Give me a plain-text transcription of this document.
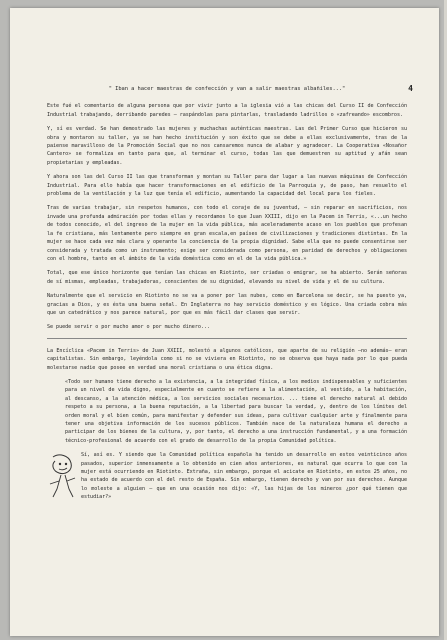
4

" Iban a hacer maestras de confección y van a salir maestras albañiles..."

Este fué el comentario de alguna persona que por vivir junto a la iglesia vió a las chicas del Curso II de Confección Industrial trabajando, derribando paredes — raspándolas para pintarlas, trasladando ladrillos o «zafreando» escombros.

Y, sí es verdad. Se han demostrado las mujeres y muchachas auténticas maestras. Las del Primer Curso que hicieron su obra y montaron su taller, ya se han hecho institución y son éxito que se debe a ellas exclusivamente, tras de la paiense maravilloso de la Promoción Social que no nos cansaremos nunca de alabar y agradecer. La Cooperativa «Nosañor Cantero» se formaliza en tanto para que, al terminar el curso, todas las que demuestren su aptitud y afán sean propietarias y empleadas.

Y ahora son las del Curso II las que transforman y montan su Taller para dar lugar a las nuevas máquinas de Confección Industrial. Para ello había que hacer transformaciones en el edificio de la Parroquia y, de paso, han resuelto el problema de la ventilación y la luz que tenía el edificio, aumentando la capacidad del local para los fieles.

Tras de varias trabajar, sin respetos humanos, con todo el coraje de su juventud, — sin reparar en sacrificios, nos invade una profunda admiración por todas ellas y recordamos lo que Juan XXIII, dijo en la Pacem in Terris, «...un hecho de todos conocido, el del ingreso de la mujer en la vida pública, más aceleradamente acaso en los pueblos que profesan la fe cristiana, más lentamente pero siempre en gran escala,en países de civilizaciones y tradiciones distintas. En la mujer se hace cada vez más clara y operante la conciencia de la propia dignidad. Sabe ella que no puede consentirse ser considerada y tratada como un instrumento; exige ser considerada como persona, en paridad de derechos y obligaciones con el hombre, tanto en el ámbito de la vida doméstica como en el de la vida pública.»

Total, que ese único horizonte que tenían las chicas en Riotinto, ser criadas o emigrar, se ha abierto. Serán señoras de sí mismas, empleadas, trabajadoras, conscientes de su dignidad, elevando su nivel de vida y el de su cultura.

Naturalmente que el servicio en Riotinto no se va a poner por las nubes, como en Barcelona se decir, se ha puesto ya, gracias a Dios, y es ésta una buena señal. En Inglaterra no hay servicio doméstico y es lógico. Una criada cobra más que un catedrático y nos parece natural, por que es más fácil dar clases que servir.

Se puede servir o por mucho amor o por mucho dinero...

La Encíclica «Pacem in Terris» de Juan XXIII, molestó a algunos católicos, que aparte de su religión —no además— eran capitalistas. Sin embargo, leyéndola como si no se viviera en Riotinto, no se observa que haya nada por lo que pueda molestarse nadie que posee en verdad una moral cristiana o una ética digna.

«Todo ser humano tiene derecho a la existencia, a la integridad física, a los medios indispensables y suficientes para un nivel de vida digno, especialmente en cuanto se refiere a la alimentación, al vestido, a la habitación, al descanso, a la atención médica, a los servicios sociales necesarios. ... tiene el derecho natural al debido respeto a su persona, a la buena reputación, a la libertad para buscar la verdad, y, dentro de los límites del orden moral y el bien común, para manifestar y defender sus ideas, para cultivar cualquier arte y finalmente para tener una objetiva información de los sucesos públicos. También nace de la naturaleza humana el derecho a participar de los bienes de la cultura, y, por tanto, el derecho a una instrucción fundamental, y a una formación técnico-profesional de acuerdo con el grado de desarrollo de la propia Comunidad política.

Sí, así es. Y siendo que la Comunidad política española ha tenido un desarrollo en estos veinticinco años pasados, superior inmensamente a lo obtenido en cien años anteriores, es natural que ocurra lo que con la mujer está ocurriendo en Riotinto. Extraña, sin embargo, porque el acicate en Riotinto, en estos 25 años, no ha estado de acuerdo con el del resto de España. Sin embargo, tienen derecho y van por sus derechos. Aunque lo moleste a alguien — que en una ocasión nos dijo: «Y, las hijas de los mineros ¿por qué tienen que estudiar?»
